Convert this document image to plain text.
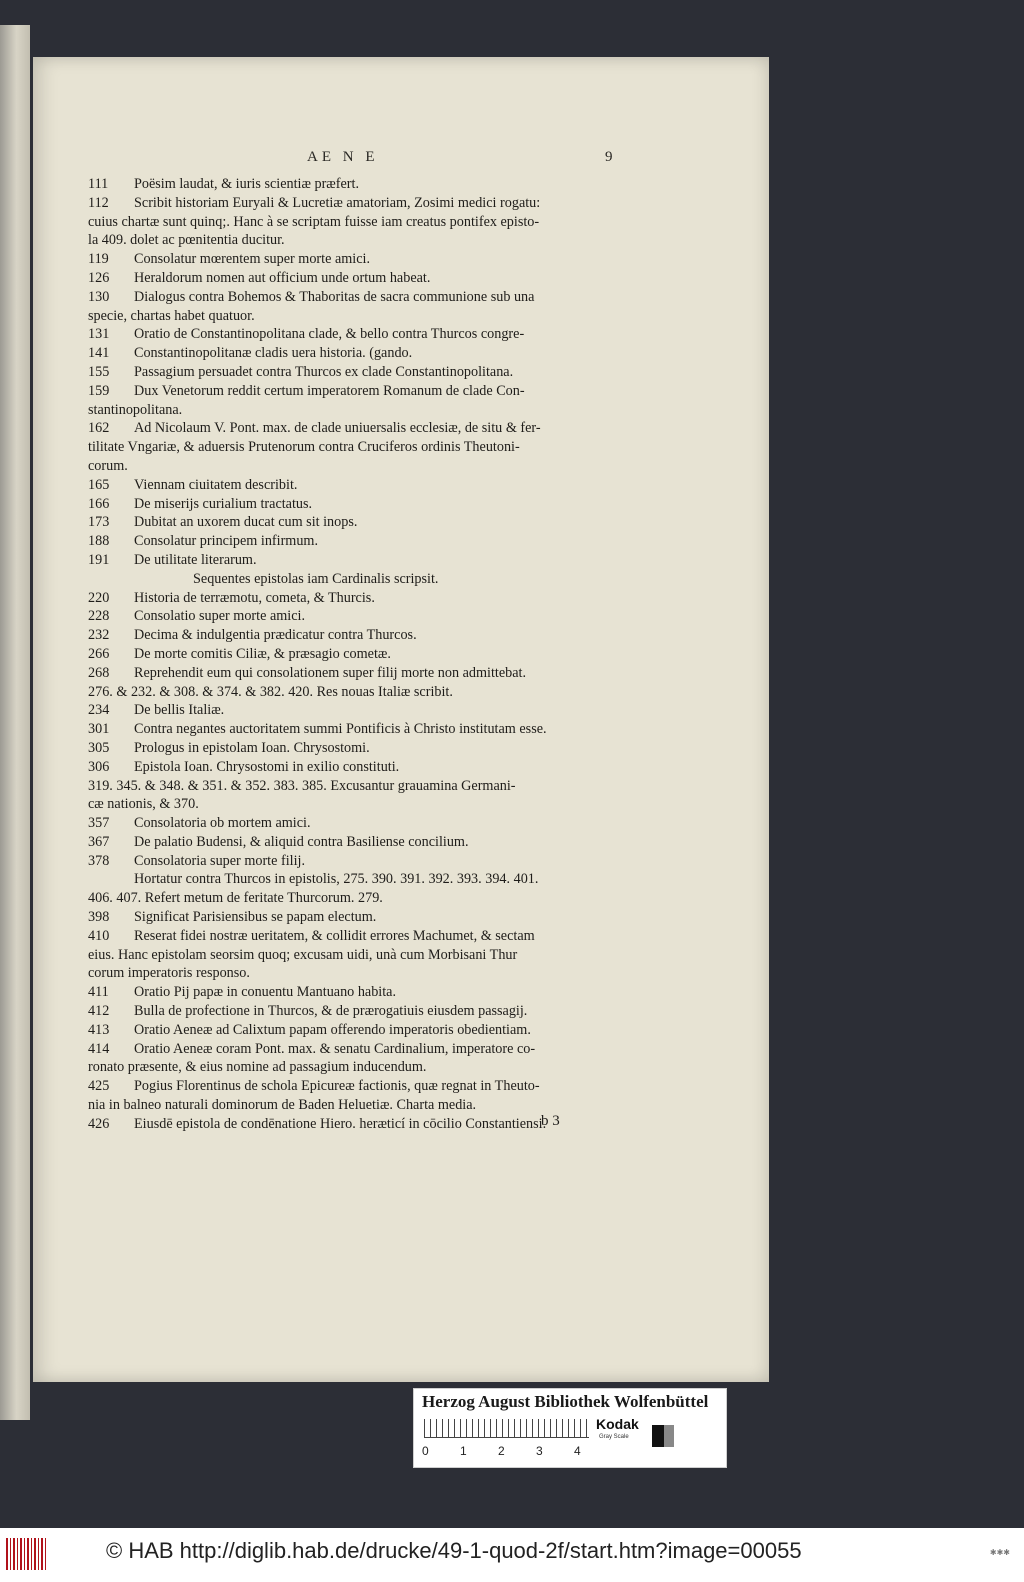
AE N E	9
111 Poësim laudat, & iuris scientiæ præfert.
112 Scribit historiam Euryali & Lucretiæ amatoriam, Zosimi medici rogatu:
cuius chartæ sunt quinq;. Hanc à se scriptam fuisse iam creatus pontifex episto-
la 409. dolet ac pœnitentia ducitur.
119 Consolatur mœrentem super morte amici.
126 Heraldorum nomen aut officium unde ortum habeat.
130 Dialogus contra Bohemos & Thaboritas de sacra communione sub una
specie, chartas habet quatuor.
131 Oratio de Constantinopolitana clade, & bello contra Thurcos congre-
141 Constantinopolitanæ cladis uera historia. (gando.
155 Passagium persuadet contra Thurcos ex clade Constantinopolitana.
159 Dux Venetorum reddit certum imperatorem Romanum de clade Con-
stantinopolitana.
162 Ad Nicolaum V. Pont. max. de clade uniuersalis ecclesiæ, de situ & fer-
tilitate Vngariæ, & aduersis Prutenorum contra Cruciferos ordinis Theutoni-
corum.
165 Viennam ciuitatem describit.
166 De miserijs curialium tractatus.
173 Dubitat an uxorem ducat cum sit inops.
188 Consolatur principem infirmum.
191 De utilitate literarum.
Sequentes epistolas iam Cardinalis scripsit.
220 Historia de terræmotu, cometa, & Thurcis.
228 Consolatio super morte amici.
232 Decima & indulgentia prædicatur contra Thurcos.
266 De morte comitis Ciliæ, & præsagio cometæ.
268 Reprehendit eum qui consolationem super filij morte non admittebat.
276. & 232. & 308. & 374. & 382. 420. Res nouas Italiæ scribit.
234 De bellis Italiæ.
301 Contra negantes auctoritatem summi Pontificis à Christo institutam esse.
305 Prologus in epistolam Ioan. Chrysostomi.
306 Epistola Ioan. Chrysostomi in exilio constituti.
319. 345. & 348. & 351. & 352. 383. 385. Excusantur grauamina Germani-
cæ nationis, & 370.
357 Consolatoria ob mortem amici.
367 De palatio Budensi, & aliquid contra Basiliense concilium.
378 Consolatoria super morte filij.
Hortatur contra Thurcos in epistolis, 275. 390. 391. 392. 393. 394. 401.
406. 407. Refert metum de feritate Thurcorum. 279.
398 Significat Parisiensibus se papam electum.
410 Reserat fidei nostræ ueritatem, & collidit errores Machumet, & sectam
eius. Hanc epistolam seorsim quoq; excusam uidi, unà cum Morbisani Thur
corum imperatoris responso.
411 Oratio Pij papæ in conuentu Mantuano habita.
412 Bulla de profectione in Thurcos, & de prærogatiuis eiusdem passagij.
413 Oratio Aeneæ ad Calixtum papam offerendo imperatoris obedientiam.
414 Oratio Aeneæ coram Pont. max. & senatu Cardinalium, imperatore co-
ronato præsente, & eius nomine ad passagium inducendum.
425 Pogius Florentinus de schola Epicureæ factionis, quæ regnat in Theuto-
nia in balneo naturali dominorum de Baden Heluetiæ. Charta media.
426 Eiusdē epistola de condēnatione Hiero. heræticí in cōcilio Constantiensi.
b 3
Herzog August Bibliothek Wolfenbüttel
0	1	2	3	4
Kodak
Gray Scale
© HAB http://diglib.hab.de/drucke/49-1-quod-2f/start.htm?image=00055	✱✱✱
